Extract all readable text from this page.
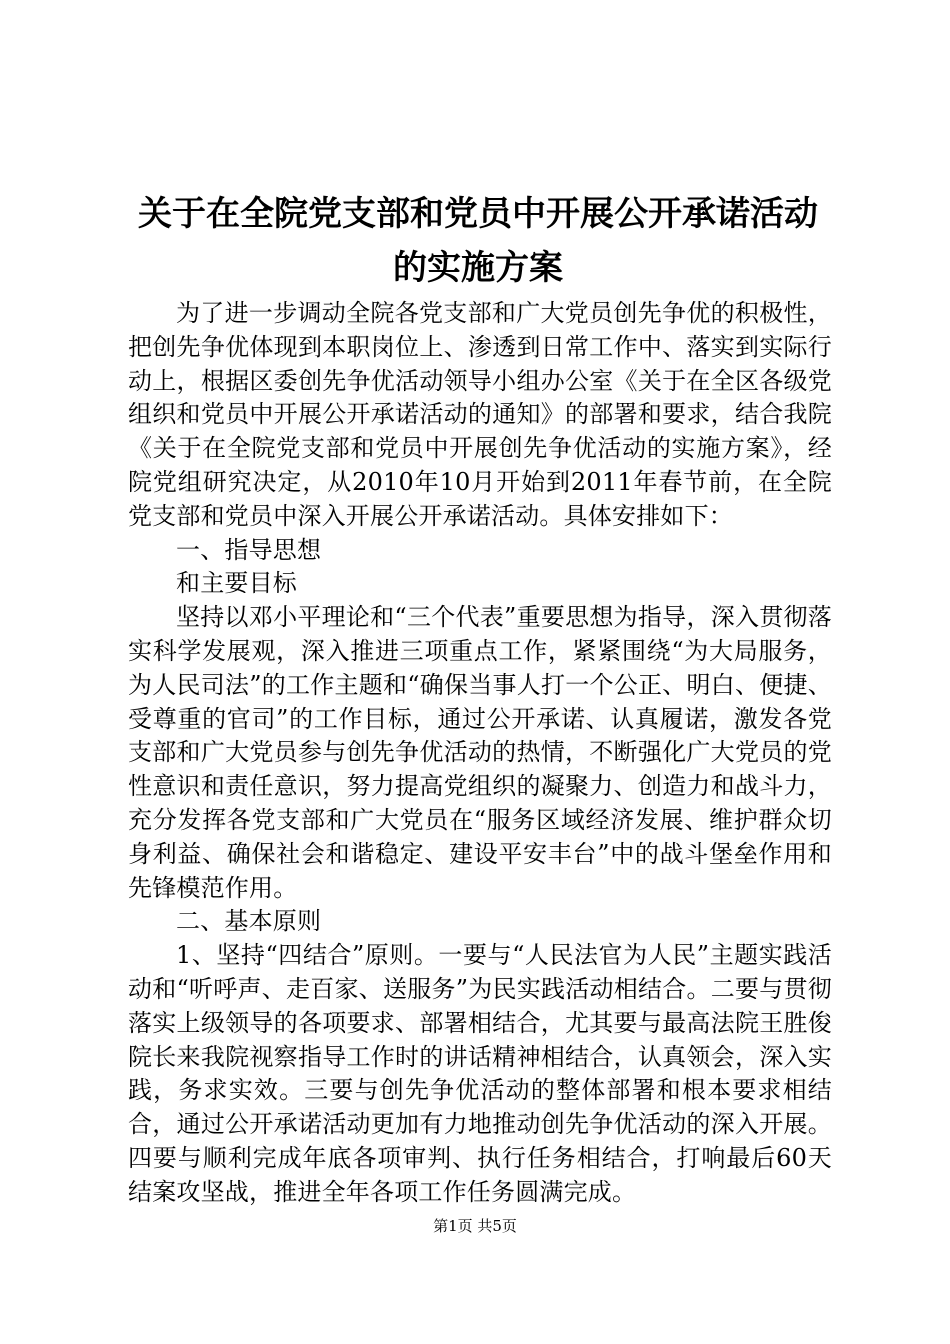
关于在全院党支部和党员中开展公开承诺活动
的实施方案

为了进一步调动全院各党支部和广大党员创先争优的积极性，把创先争优体现到本职岗位上、渗透到日常工作中、落实到实际行动上，根据区委创先争优活动领导小组办公室《关于在全区各级党组织和党员中开展公开承诺活动的通知》的部署和要求，结合我院《关于在全院党支部和党员中开展创先争优活动的实施方案》，经院党组研究决定，从2010年10月开始到2011年春节前，在全院党支部和党员中深入开展公开承诺活动。具体安排如下：

一、指导思想

和主要目标

坚持以邓小平理论和“三个代表”重要思想为指导，深入贯彻落实科学发展观，深入推进三项重点工作，紧紧围绕“为大局服务，为人民司法”的工作主题和“确保当事人打一个公正、明白、便捷、受尊重的官司”的工作目标，通过公开承诺、认真履诺，激发各党支部和广大党员参与创先争优活动的热情，不断强化广大党员的党性意识和责任意识，努力提高党组织的凝聚力、创造力和战斗力，充分发挥各党支部和广大党员在“服务区域经济发展、维护群众切身利益、确保社会和谐稳定、建设平安丰台”中的战斗堡垒作用和先锋模范作用。

二、基本原则

1、坚持“四结合”原则。一要与“人民法官为人民”主题实践活动和“听呼声、走百家、送服务”为民实践活动相结合。二要与贯彻落实上级领导的各项要求、部署相结合，尤其要与最高法院王胜俊院长来我院视察指导工作时的讲话精神相结合，认真领会，深入实践，务求实效。三要与创先争优活动的整体部署和根本要求相结合，通过公开承诺活动更加有力地推动创先争优活动的深入开展。四要与顺利完成年底各项审判、执行任务相结合，打响最后60天结案攻坚战，推进全年各项工作任务圆满完成。

第1页 共5页
